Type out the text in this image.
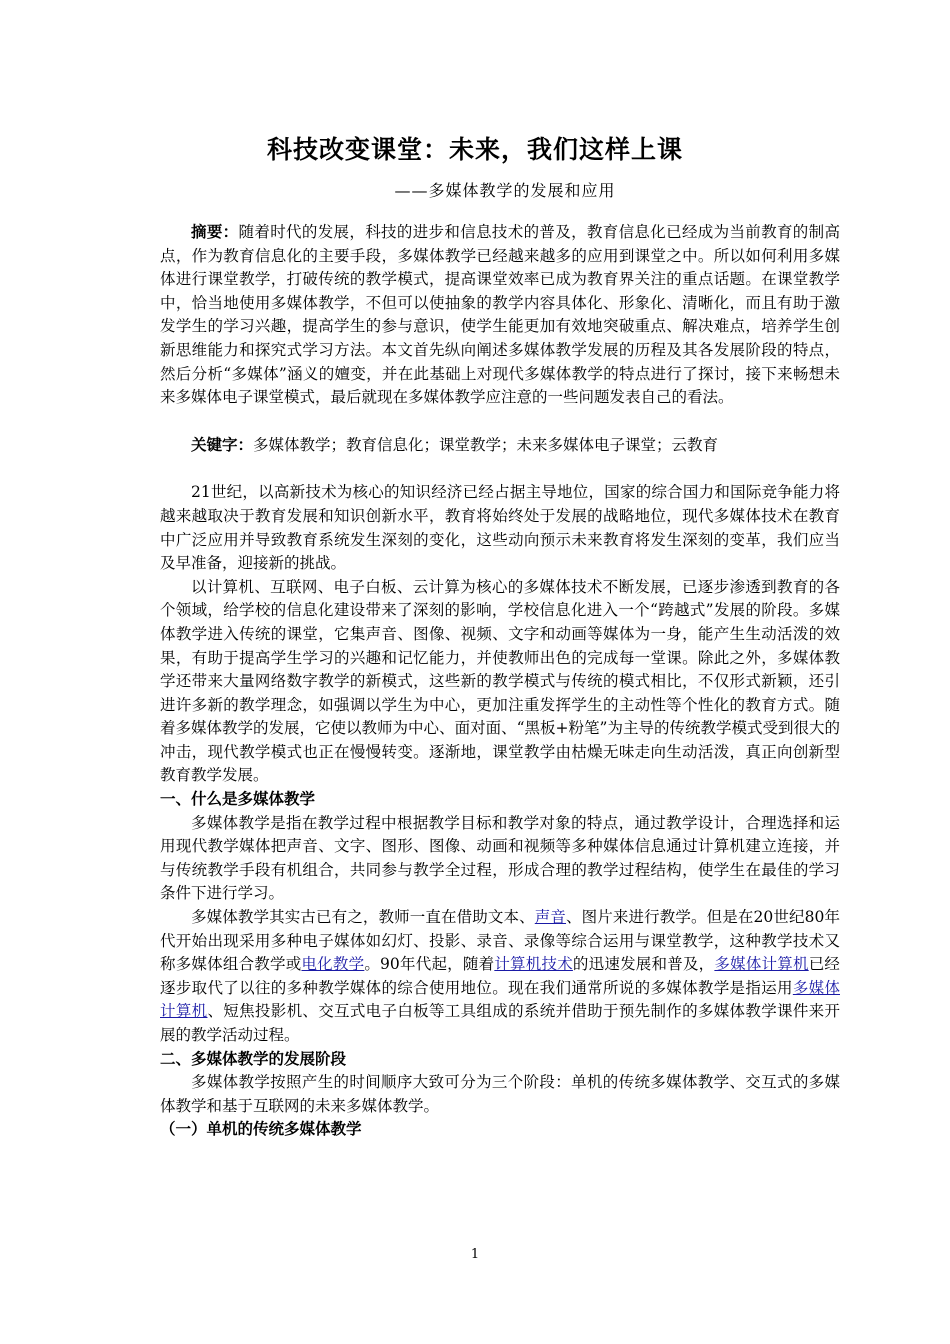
科技改变课堂：未来，我们这样上课
——多媒体教学的发展和应用

摘要：随着时代的发展，科技的进步和信息技术的普及，教育信息化已经成为当前教育的制高点，作为教育信息化的主要手段，多媒体教学已经越来越多的应用到课堂之中。所以如何利用多媒体进行课堂教学，打破传统的教学模式，提高课堂效率已成为教育界关注的重点话题。在课堂教学中，恰当地使用多媒体教学，不但可以使抽象的教学内容具体化、形象化、清晰化，而且有助于激发学生的学习兴趣，提高学生的参与意识，使学生能更加有效地突破重点、解决难点，培养学生创新思维能力和探究式学习方法。本文首先纵向阐述多媒体教学发展的历程及其各发展阶段的特点，然后分析“多媒体”涵义的嬗变，并在此基础上对现代多媒体教学的特点进行了探讨，接下来畅想未来多媒体电子课堂模式，最后就现在多媒体教学应注意的一些问题发表自己的看法。

关键字：多媒体教学；教育信息化；课堂教学；未来多媒体电子课堂；云教育

21世纪，以高新技术为核心的知识经济已经占据主导地位，国家的综合国力和国际竞争能力将越来越取决于教育发展和知识创新水平，教育将始终处于发展的战略地位，现代多媒体技术在教育中广泛应用并导致教育系统发生深刻的变化，这些动向预示未来教育将发生深刻的变革，我们应当及早准备，迎接新的挑战。

以计算机、互联网、电子白板、云计算为核心的多媒体技术不断发展，已逐步渗透到教育的各个领域，给学校的信息化建设带来了深刻的影响，学校信息化进入一个“跨越式”发展的阶段。多媒体教学进入传统的课堂，它集声音、图像、视频、文字和动画等媒体为一身，能产生生动活泼的效果，有助于提高学生学习的兴趣和记忆能力，并使教师出色的完成每一堂课。除此之外，多媒体教学还带来大量网络数字教学的新模式，这些新的教学模式与传统的模式相比，不仅形式新颖，还引进许多新的教学理念，如强调以学生为中心，更加注重发挥学生的主动性等个性化的教育方式。随着多媒体教学的发展，它使以教师为中心、面对面、“黑板+粉笔”为主导的传统教学模式受到很大的冲击，现代教学模式也正在慢慢转变。逐渐地，课堂教学由枯燥无味走向生动活泼，真正向创新型教育教学发展。

一、什么是多媒体教学

多媒体教学是指在教学过程中根据教学目标和教学对象的特点，通过教学设计，合理选择和运用现代教学媒体把声音、文字、图形、图像、动画和视频等多种媒体信息通过计算机建立连接，并与传统教学手段有机组合，共同参与教学全过程，形成合理的教学过程结构，使学生在最佳的学习条件下进行学习。

多媒体教学其实古已有之，教师一直在借助文本、声音、图片来进行教学。但是在20世纪80年代开始出现采用多种电子媒体如幻灯、投影、录音、录像等综合运用与课堂教学，这种教学技术又称多媒体组合教学或电化教学。90年代起，随着计算机技术的迅速发展和普及，多媒体计算机已经逐步取代了以往的多种教学媒体的综合使用地位。现在我们通常所说的多媒体教学是指运用多媒体计算机、短焦投影机、交互式电子白板等工具组成的系统并借助于预先制作的多媒体教学课件来开展的教学活动过程。

二、多媒体教学的发展阶段

多媒体教学按照产生的时间顺序大致可分为三个阶段：单机的传统多媒体教学、交互式的多媒体教学和基于互联网的未来多媒体教学。

（一）单机的传统多媒体教学
1
